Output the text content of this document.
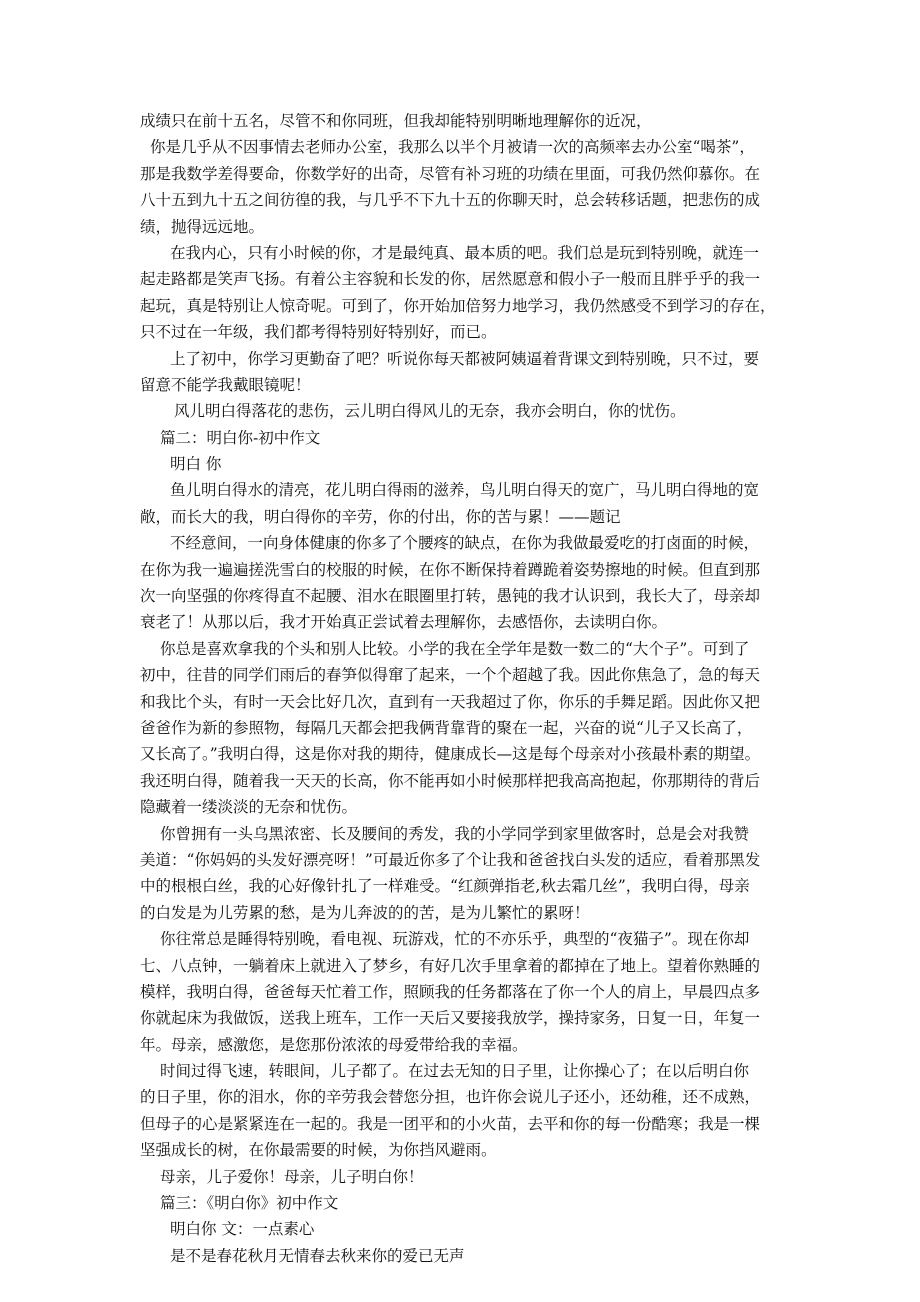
成绩只在前十五名，尽管不和你同班，但我却能特别明晰地理解你的近况，
你是几乎从不因事情去老师办公室，我那么以半个月被请一次的高频率去办公室“喝茶”，
那是我数学差得要命，你数学好的出奇，尽管有补习班的功绩在里面，可我仍然仰慕你。在
八十五到九十五之间彷徨的我，与几乎不下九十五的你聊天时，总会转移话题，把悲伤的成
绩，抛得远远地。
在我内心，只有小时候的你，才是最纯真、最本质的吧。我们总是玩到特别晚，就连一
起走路都是笑声飞扬。有着公主容貌和长发的你，居然愿意和假小子一般而且胖乎乎的我一
起玩，真是特别让人惊奇呢。可到了，你开始加倍努力地学习，我仍然感受不到学习的存在，
只不过在一年级，我们都考得特别好特别好，而已。
上了初中，你学习更勤奋了吧？听说你每天都被阿姨逼着背课文到特别晚，只不过，要
留意不能学我戴眼镜呢！
风儿明白得落花的悲伤，云儿明白得风儿的无奈，我亦会明白，你的忧伤。
篇二：明白你-初中作文
明白 你
鱼儿明白得水的清亮，花儿明白得雨的滋养，鸟儿明白得天的宽广，马儿明白得地的宽
敞，而长大的我，明白得你的辛劳，你的付出，你的苦与累！——题记
不经意间，一向身体健康的你多了个腰疼的缺点，在你为我做最爱吃的打卤面的时候，
在你为我一遍遍搓洗雪白的校服的时候，在你不断保持着蹲跪着姿势擦地的时候。但直到那
次一向坚强的你疼得直不起腰、泪水在眼圈里打转，愚钝的我才认识到，我长大了，母亲却
衰老了！从那以后，我才开始真正尝试着去理解你，去感悟你，去读明白你。
你总是喜欢拿我的个头和别人比较。小学的我在全学年是数一数二的“大个子”。可到了
初中，往昔的同学们雨后的春笋似得窜了起来，一个个超越了我。因此你焦急了，急的每天
和我比个头，有时一天会比好几次，直到有一天我超过了你，你乐的手舞足蹈。因此你又把
爸爸作为新的参照物，每隔几天都会把我俩背靠背的聚在一起，兴奋的说“儿子又长高了，
又长高了。”我明白得，这是你对我的期待，健康成长—这是每个母亲对小孩最朴素的期望。
我还明白得，随着我一天天的长高，你不能再如小时候那样把我高高抱起，你那期待的背后
隐藏着一缕淡淡的无奈和忧伤。
你曾拥有一头乌黑浓密、长及腰间的秀发，我的小学同学到家里做客时，总是会对我赞
美道：“你妈妈的头发好漂亮呀！”可最近你多了个让我和爸爸找白头发的适应，看着那黑发
中的根根白丝，我的心好像针扎了一样难受。“红颜弹指老,秋去霜几丝”，我明白得，母亲
的白发是为儿劳累的愁，是为儿奔波的的苦，是为儿繁忙的累呀！
你往常总是睡得特别晚，看电视、玩游戏，忙的不亦乐乎，典型的“夜猫子”。现在你却
七、八点钟，一躺着床上就进入了梦乡，有好几次手里拿着的都掉在了地上。望着你熟睡的
模样，我明白得，爸爸每天忙着工作，照顾我的任务都落在了你一个人的肩上，早晨四点多
你就起床为我做饭，送我上班车，工作一天后又要接我放学，操持家务，日复一日，年复一
年。母亲，感激您，是您那份浓浓的母爱带给我的幸福。
时间过得飞速，转眼间，儿子都了。在过去无知的日子里，让你操心了；在以后明白你
的日子里，你的泪水，你的辛劳我会替您分担，也许你会说儿子还小，还幼稚，还不成熟，
但母子的心是紧紧连在一起的。我是一团平和的小火苗，去平和你的每一份酷寒；我是一棵
坚强成长的树，在你最需要的时候，为你挡风避雨。
母亲，儿子爱你！母亲，儿子明白你！
篇三：《明白你》初中作文
明白你 文：一点素心
是不是春花秋月无情春去秋来你的爱已无声
